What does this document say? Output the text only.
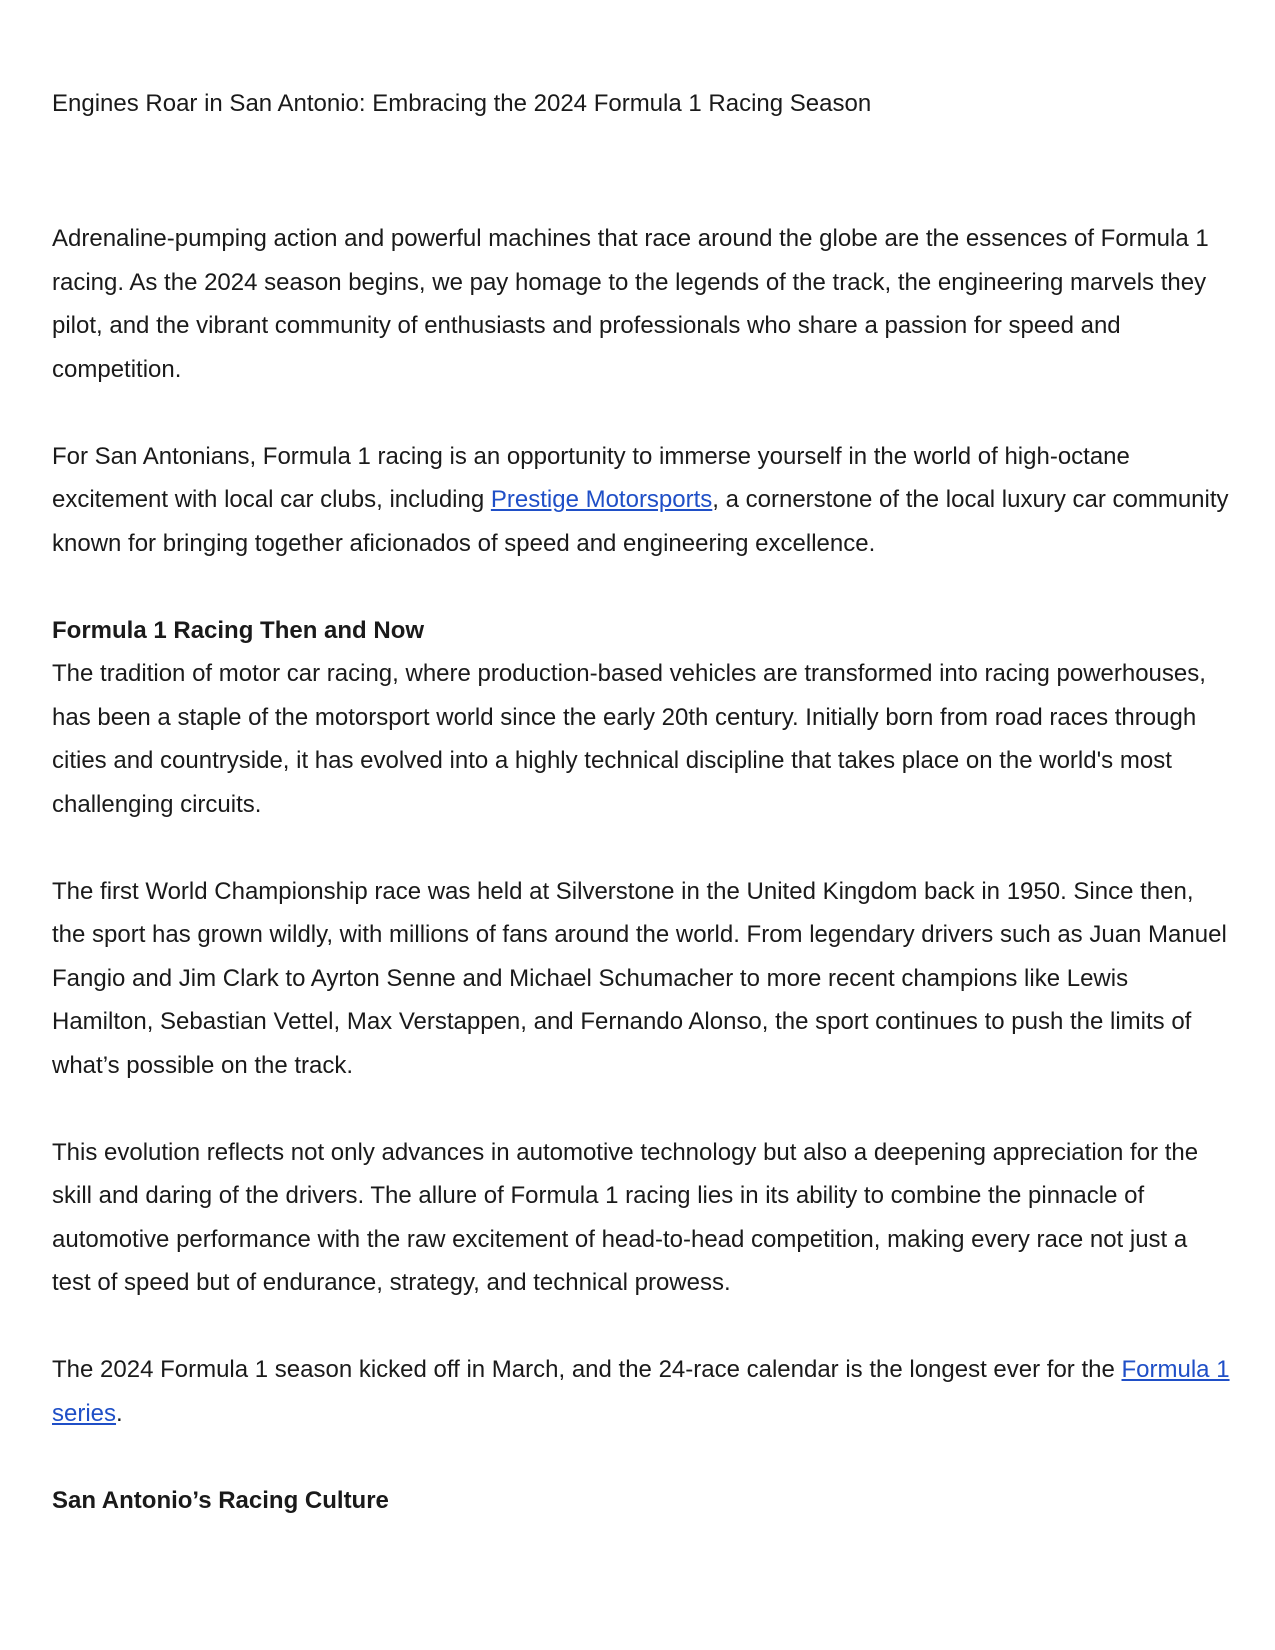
Engines Roar in San Antonio: Embracing the 2024 Formula 1 Racing Season

Adrenaline-pumping action and powerful machines that race around the globe are the essences of Formula 1 racing. As the 2024 season begins, we pay homage to the legends of the track, the engineering marvels they pilot, and the vibrant community of enthusiasts and professionals who share a passion for speed and competition.

For San Antonians, Formula 1 racing is an opportunity to immerse yourself in the world of high-octane excitement with local car clubs, including Prestige Motorsports, a cornerstone of the local luxury car community known for bringing together aficionados of speed and engineering excellence.

Formula 1 Racing Then and Now

The tradition of motor car racing, where production-based vehicles are transformed into racing powerhouses, has been a staple of the motorsport world since the early 20th century. Initially born from road races through cities and countryside, it has evolved into a highly technical discipline that takes place on the world's most challenging circuits.

The first World Championship race was held at Silverstone in the United Kingdom back in 1950. Since then, the sport has grown wildly, with millions of fans around the world. From legendary drivers such as Juan Manuel Fangio and Jim Clark to Ayrton Senne and Michael Schumacher to more recent champions like Lewis Hamilton, Sebastian Vettel, Max Verstappen, and Fernando Alonso, the sport continues to push the limits of what’s possible on the track.

This evolution reflects not only advances in automotive technology but also a deepening appreciation for the skill and daring of the drivers. The allure of Formula 1 racing lies in its ability to combine the pinnacle of automotive performance with the raw excitement of head-to-head competition, making every race not just a test of speed but of endurance, strategy, and technical prowess.

The 2024 Formula 1 season kicked off in March, and the 24-race calendar is the longest ever for the Formula 1 series.

San Antonio’s Racing Culture
